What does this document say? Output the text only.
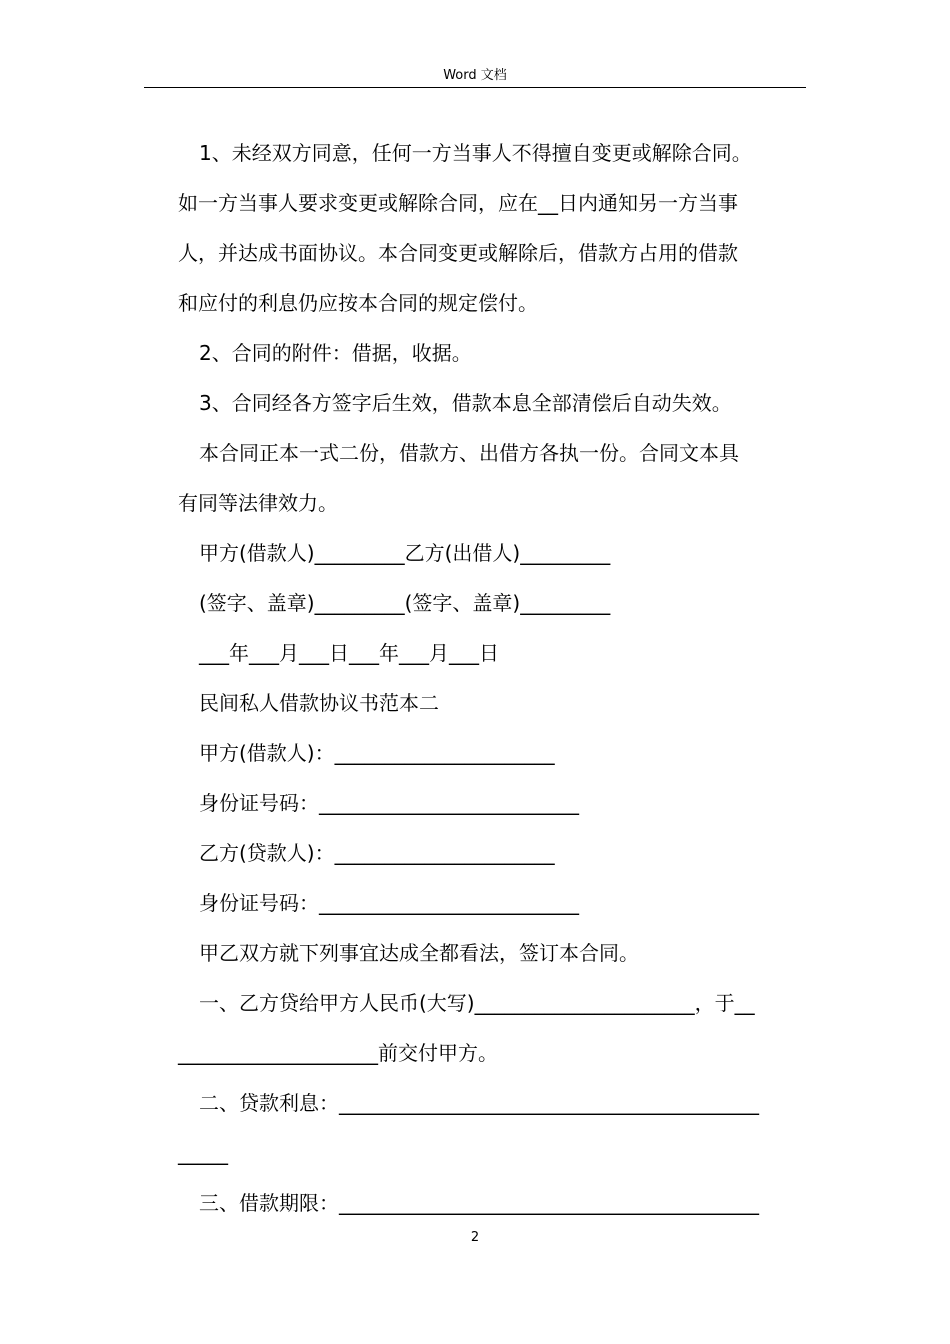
Word 文档

1、未经双方同意，任何一方当事人不得擅自变更或解除合同。

如一方当事人要求变更或解除合同，应在__日内通知另一方当事

人，并达成书面协议。本合同变更或解除后，借款方占用的借款

和应付的利息仍应按本合同的规定偿付。

2、合同的附件：借据，收据。

3、合同经各方签字后生效，借款本息全部清偿后自动失效。

本合同正本一式二份，借款方、出借方各执一份。合同文本具

有同等法律效力。

甲方(借款人)_________乙方(出借人)_________

(签字、盖章)_________(签字、盖章)_________

___年___月___日___年___月___日

民间私人借款协议书范本二

甲方(借款人)：______________________

身份证号码：__________________________

乙方(贷款人)：______________________

身份证号码：__________________________

甲乙双方就下列事宜达成全都看法，签订本合同。

一、乙方贷给甲方人民币(大写)______________________，于__

____________________前交付甲方。

二、贷款利息：__________________________________________

_____

三、借款期限：__________________________________________

2
